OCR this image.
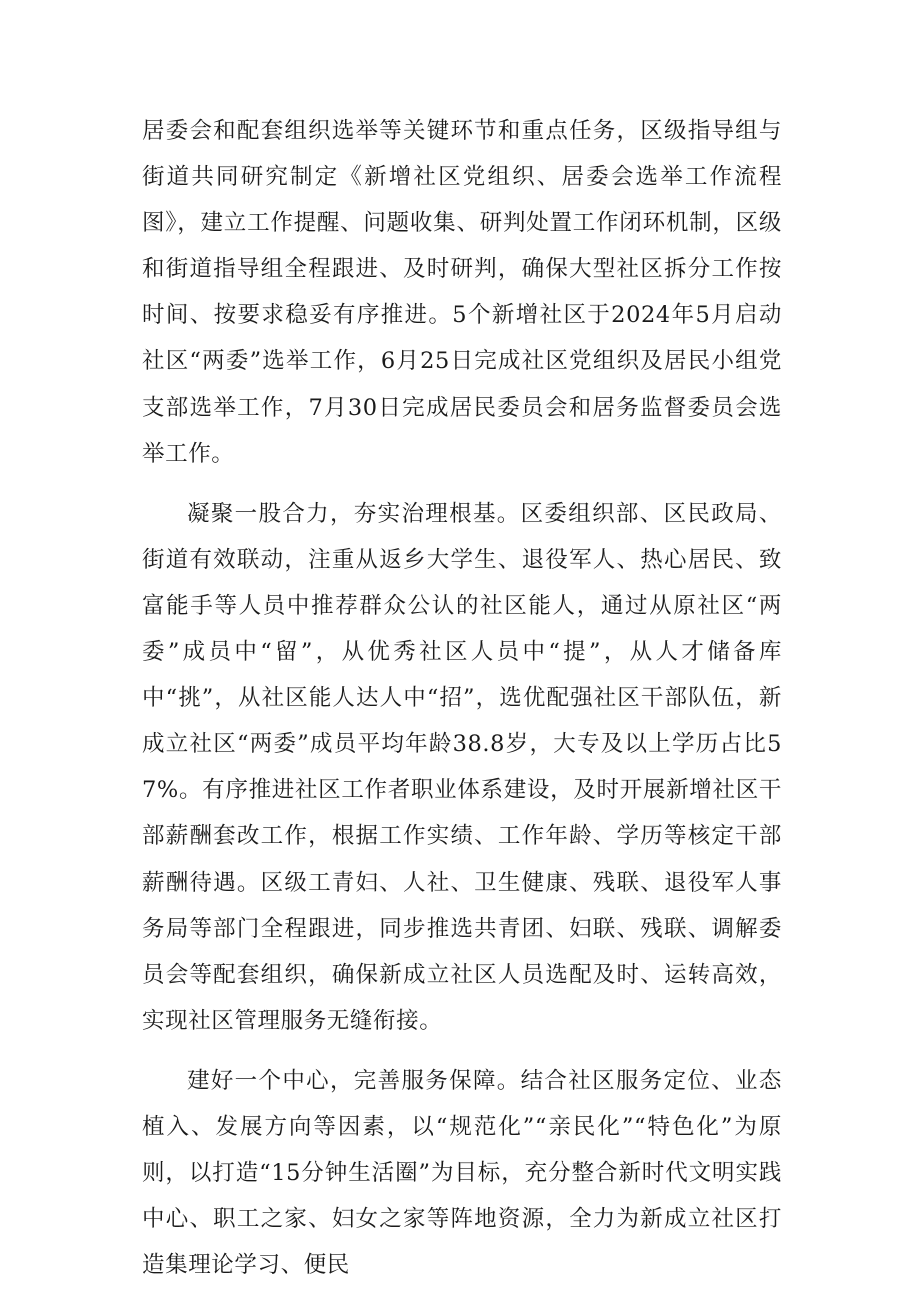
居委会和配套组织选举等关键环节和重点任务，区级指导组与街道共同研究制定《新增社区党组织、居委会选举工作流程图》，建立工作提醒、问题收集、研判处置工作闭环机制，区级和街道指导组全程跟进、及时研判，确保大型社区拆分工作按时间、按要求稳妥有序推进。5个新增社区于2024年5月启动社区“两委”选举工作，6月25日完成社区党组织及居民小组党支部选举工作，7月30日完成居民委员会和居务监督委员会选举工作。

凝聚一股合力，夯实治理根基。区委组织部、区民政局、街道有效联动，注重从返乡大学生、退役军人、热心居民、致富能手等人员中推荐群众公认的社区能人，通过从原社区“两委”成员中“留”，从优秀社区人员中“提”，从人才储备库中“挑”，从社区能人达人中“招”，选优配强社区干部队伍，新成立社区“两委”成员平均年龄38.8岁，大专及以上学历占比57%。有序推进社区工作者职业体系建设，及时开展新增社区干部薪酬套改工作，根据工作实绩、工作年龄、学历等核定干部薪酬待遇。区级工青妇、人社、卫生健康、残联、退役军人事务局等部门全程跟进，同步推选共青团、妇联、残联、调解委员会等配套组织，确保新成立社区人员选配及时、运转高效，实现社区管理服务无缝衔接。

建好一个中心，完善服务保障。结合社区服务定位、业态植入、发展方向等因素，以“规范化”“亲民化”“特色化”为原则，以打造“15分钟生活圈”为目标，充分整合新时代文明实践中心、职工之家、妇女之家等阵地资源，全力为新成立社区打造集理论学习、便民
